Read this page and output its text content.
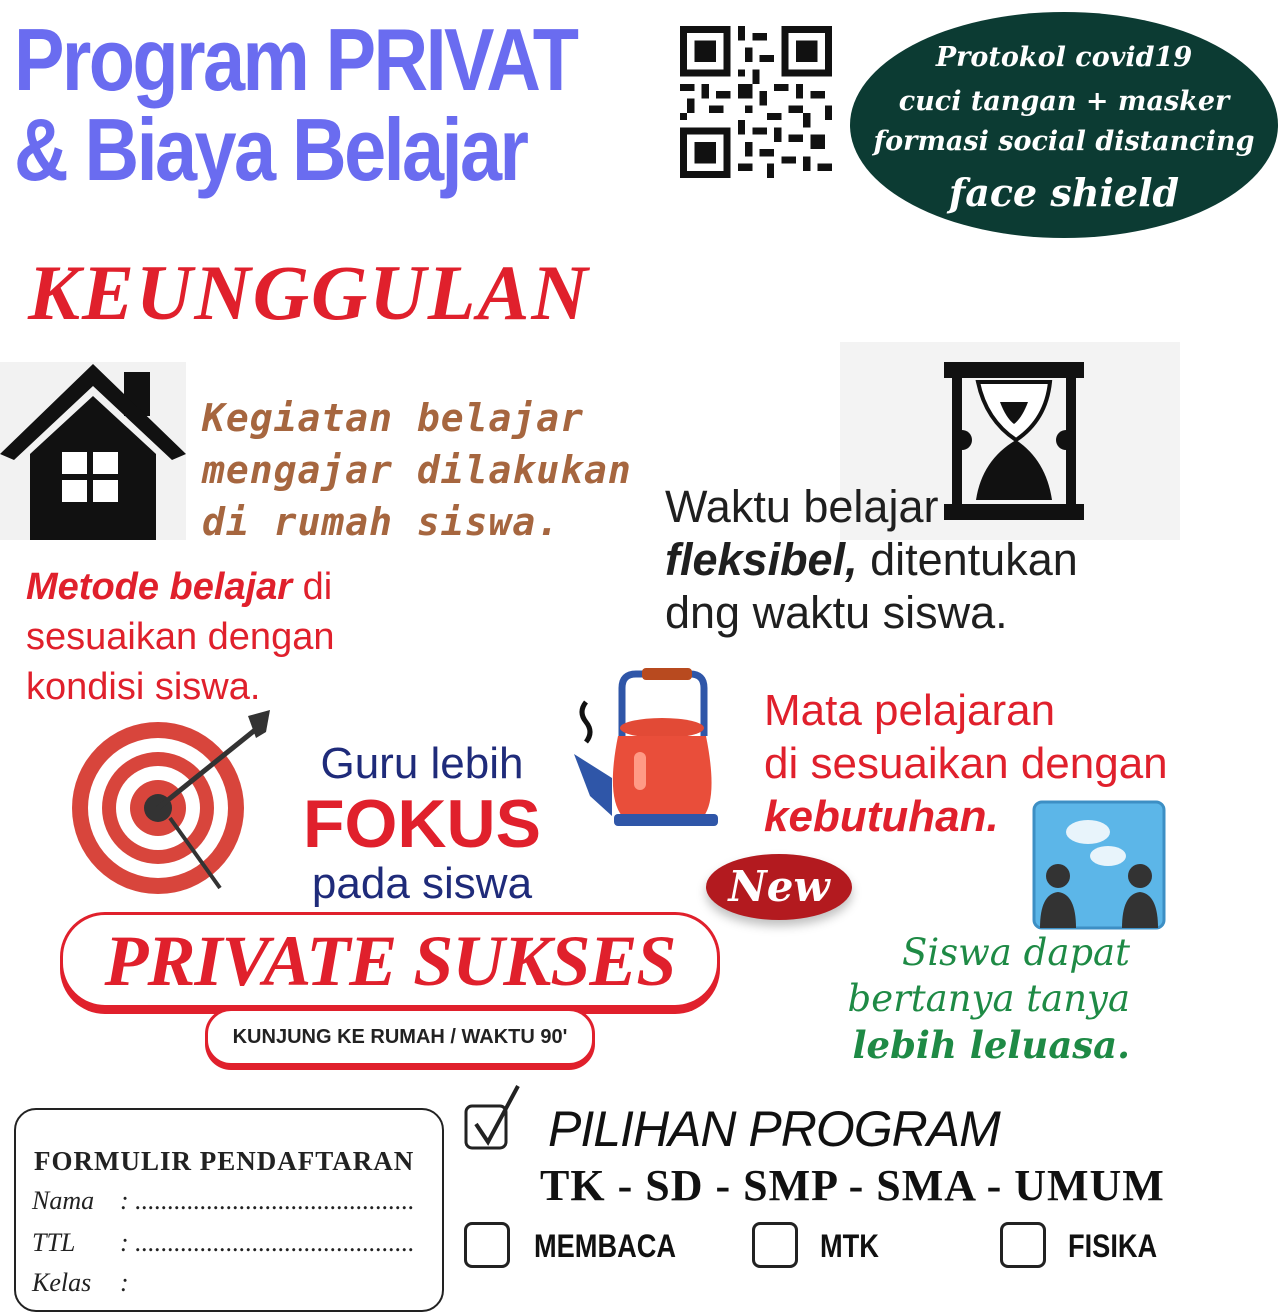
Program PRIVAT
& Biaya Belajar
Protokol covid19
cuci tangan + masker
formasi social distancing
face shield
KEUNGGULAN
Kegiatan belajar
mengajar dilakukan
di rumah siswa.	Waktu belajar
fleksibel, ditentukan
dng waktu siswa.
Metode belajar di
sesuaikan dengan
kondisi siswa.	Mata pelajaran
di sesuaikan dengan
kebutuhan.
Guru lebih
FOKUS
pada siswa	New
Siswa dapat
bertanya tanya
lebih leluasa.
PRIVATE SUKSES
KUNJUNG KE RUMAH / WAKTU 90'
FORMULIR PENDAFTARAN
Nama : ...........................................
TTL : ...........................................
Kelas :
PILIHAN PROGRAM
TK - SD - SMP - SMA - UMUM
MEMBACA	MTK	FISIKA
